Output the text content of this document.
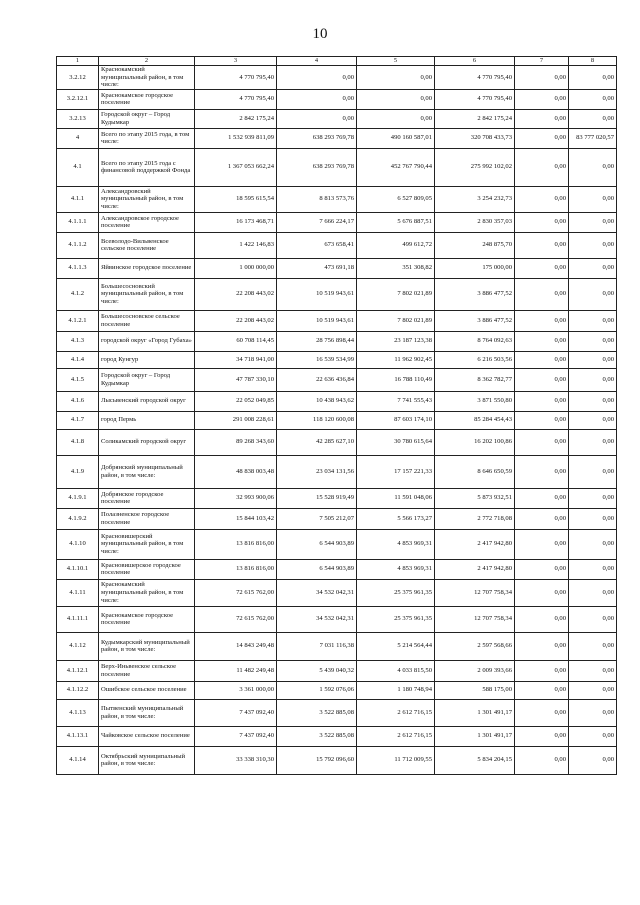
10
1	2	3	4	5	6	7	8
3.2.12	Краснокамский муниципальный район, в том числе:	4 770 795,40	0,00	0,00	4 770 795,40	0,00	0,00
3.2.12.1	Краснокамское городское поселение	4 770 795,40	0,00	0,00	4 770 795,40	0,00	0,00
3.2.13	Городской округ – Город Кудымкар	2 842 175,24	0,00	0,00	2 842 175,24	0,00	0,00
4	Всего по этапу 2015 года, в том числе:	1 532 939 811,09	638 293 769,78	490 160 587,01	320 708 433,73	0,00	83 777 020,57
4.1	Всего по этапу 2015 года с финансовой поддержкой Фонда	1 367 053 662,24	638 293 769,78	452 767 790,44	275 992 102,02	0,00	0,00
4.1.1	Александровский муниципальный район, в том числе:	18 595 615,54	8 813 573,76	6 527 809,05	3 254 232,73	0,00	0,00
4.1.1.1	Александровское городское поселение	16 173 468,71	7 666 224,17	5 676 887,51	2 830 357,03	0,00	0,00
4.1.1.2	Всеволодо-Вильвенское сельское поселение	1 422 146,83	673 658,41	499 612,72	248 875,70	0,00	0,00
4.1.1.3	Яйвинское городское поселение	1 000 000,00	473 691,18	351 308,82	175 000,00	0,00	0,00
4.1.2	Большесосновский муниципальный район, в том числе:	22 208 443,02	10 519 943,61	7 802 021,89	3 886 477,52	0,00	0,00
4.1.2.1	Большесосновское сельское поселение	22 208 443,02	10 519 943,61	7 802 021,89	3 886 477,52	0,00	0,00
4.1.3	городской округ «Город Губаха»	60 708 114,45	28 756 898,44	23 187 123,38	8 764 092,63	0,00	0,00
4.1.4	город Кунгур	34 718 941,00	16 539 534,99	11 962 902,45	6 216 503,56	0,00	0,00
4.1.5	Городской округ – Город Кудымкар	47 787 330,10	22 636 436,84	16 788 110,49	8 362 782,77	0,00	0,00
4.1.6	Лысьвенский городской округ	22 052 049,85	10 438 943,62	7 741 555,43	3 871 550,80	0,00	0,00
4.1.7	город Пермь	291 008 228,61	118 120 600,08	87 603 174,10	85 284 454,43	0,00	0,00
4.1.8	Соликамский городской округ	89 268 343,60	42 285 627,10	30 780 615,64	16 202 100,86	0,00	0,00
4.1.9	Добрянский муниципальный район, в том числе:	48 838 003,48	23 034 131,56	17 157 221,33	8 646 650,59	0,00	0,00
4.1.9.1	Добрянское городское поселение	32 993 900,06	15 528 919,49	11 591 048,06	5 873 932,51	0,00	0,00
4.1.9.2	Полазненское городское поселение	15 844 103,42	7 505 212,07	5 566 173,27	2 772 718,08	0,00	0,00
4.1.10	Красновишерский муниципальный район, в том числе:	13 816 816,00	6 544 903,89	4 853 969,31	2 417 942,80	0,00	0,00
4.1.10.1	Красновишерское городское поселение	13 816 816,00	6 544 903,89	4 853 969,31	2 417 942,80	0,00	0,00
4.1.11	Краснокамский муниципальный район, в том числе:	72 615 762,00	34 532 042,31	25 375 961,35	12 707 758,34	0,00	0,00
4.1.11.1	Краснокамское городское поселение	72 615 762,00	34 532 042,31	25 375 961,35	12 707 758,34	0,00	0,00
4.1.12	Кудымкарский муниципальный район, в том числе:	14 843 249,48	7 031 116,38	5 214 564,44	2 597 568,66	0,00	0,00
4.1.12.1	Верх-Иньвенское сельское поселение	11 482 249,48	5 439 040,32	4 033 815,50	2 009 393,66	0,00	0,00
4.1.12.2	Ошибское сельское поселение	3 361 000,00	1 592 076,06	1 180 748,94	588 175,00	0,00	0,00
4.1.13	Пытвенский муниципальный район, в том числе:	7 437 092,40	3 522 885,08	2 612 716,15	1 301 491,17	0,00	0,00
4.1.13.1	Чайковское сельское поселение	7 437 092,40	3 522 885,08	2 612 716,15	1 301 491,17	0,00	0,00
4.1.14	Октябрьский муниципальный район, в том числе:	33 338 310,30	15 792 096,60	11 712 009,55	5 834 204,15	0,00	0,00
